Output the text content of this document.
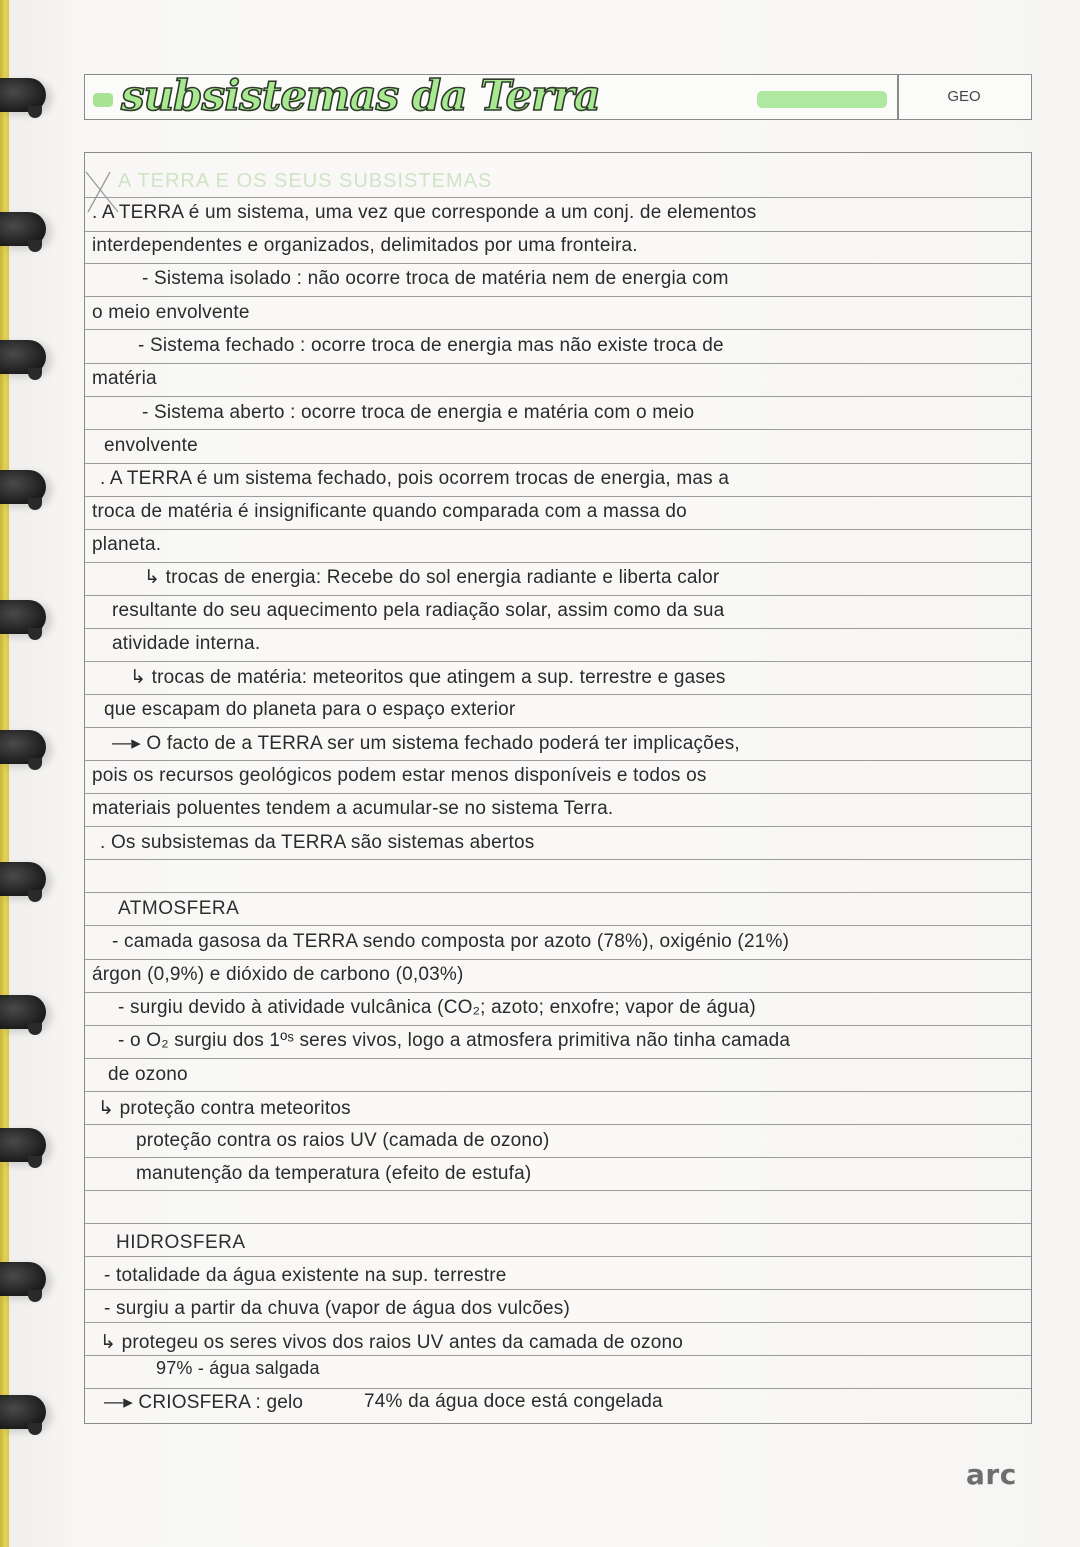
subsistemas da Terra	GEO
A TERRA E OS SEUS SUBSISTEMAS
. A TERRA é um sistema, uma vez que corresponde a um conj. de elementos
interdependentes e organizados, delimitados por uma fronteira.
- Sistema isolado : não ocorre troca de matéria nem de energia com
o meio envolvente
- Sistema fechado : ocorre troca de energia mas não existe troca de
matéria
- Sistema aberto : ocorre troca de energia e matéria com o meio
envolvente
. A TERRA é um sistema fechado, pois ocorrem trocas de energia, mas a
troca de matéria é insignificante quando comparada com a massa do
planeta.
↳ trocas de energia: Recebe do sol energia radiante e liberta calor
resultante do seu aquecimento pela radiação solar, assim como da sua
atividade interna.
↳ trocas de matéria: meteoritos que atingem a sup. terrestre e gases
que escapam do planeta para o espaço exterior
—▸ O facto de a TERRA ser um sistema fechado poderá ter implicações,
pois os recursos geológicos podem estar menos disponíveis e todos os
materiais poluentes tendem a acumular-se no sistema Terra.
. Os subsistemas da TERRA são sistemas abertos
ATMOSFERA
- camada gasosa da TERRA sendo composta por azoto (78%), oxigénio (21%)
árgon (0,9%) e dióxido de carbono (0,03%)
- surgiu devido à atividade vulcânica (CO₂; azoto; enxofre; vapor de água)
- o O₂ surgiu dos 1ºˢ seres vivos, logo a atmosfera primitiva não tinha camada
de ozono
↳ proteção contra meteoritos
proteção contra os raios UV (camada de ozono)
manutenção da temperatura (efeito de estufa)
HIDROSFERA
- totalidade da água existente na sup. terrestre
- surgiu a partir da chuva (vapor de água dos vulcões)
↳ protegeu os seres vivos dos raios UV antes da camada de ozono
97% - água salgada
—▸ CRIOSFERA : gelo	74% da água doce está congelada
arc
